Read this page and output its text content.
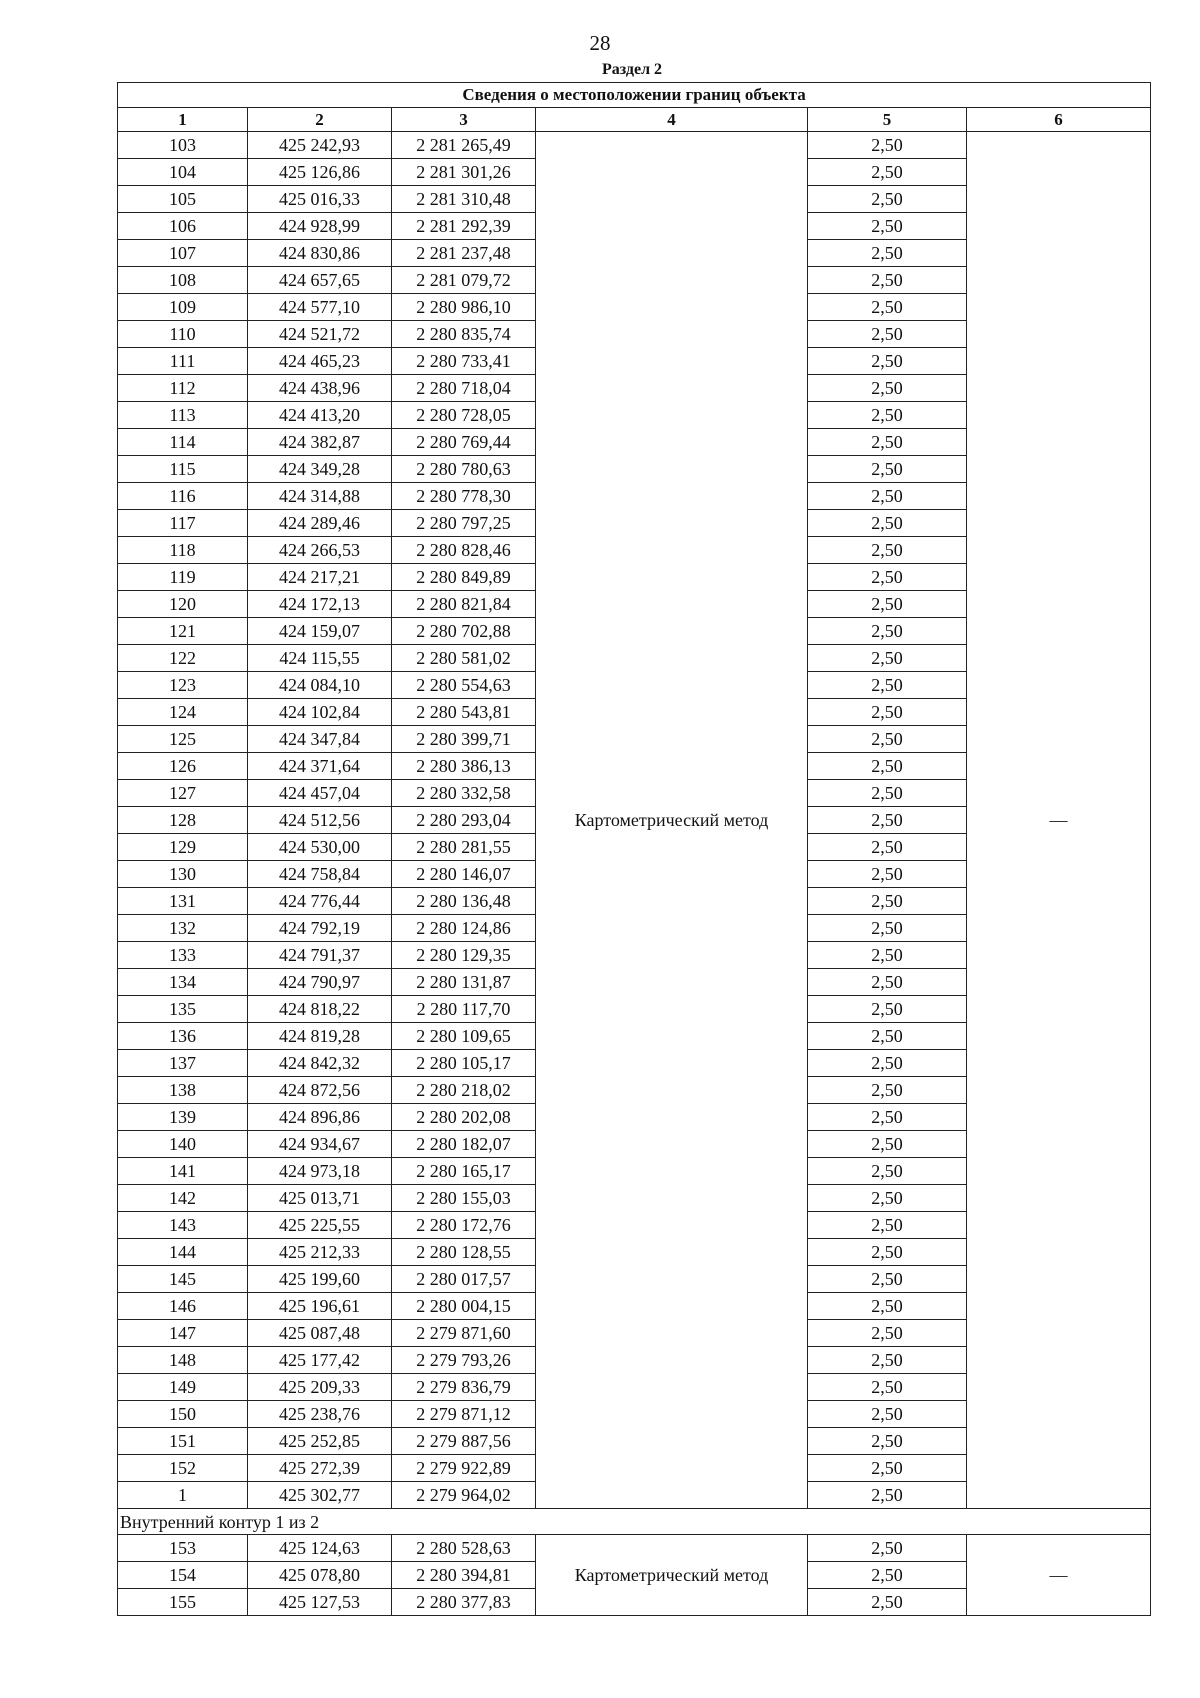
28
Раздел 2
Сведения о местоположении границ объекта					
1	2	3	4	5	6
103	425 242,93	2 281 265,49	Картометрический метод	2,50	—
104	425 126,86	2 281 301,26		2,50	
105	425 016,33	2 281 310,48		2,50	
106	424 928,99	2 281 292,39		2,50	
107	424 830,86	2 281 237,48		2,50	
108	424 657,65	2 281 079,72		2,50	
109	424 577,10	2 280 986,10		2,50	
110	424 521,72	2 280 835,74		2,50	
111	424 465,23	2 280 733,41		2,50	
112	424 438,96	2 280 718,04		2,50	
113	424 413,20	2 280 728,05		2,50	
114	424 382,87	2 280 769,44		2,50	
115	424 349,28	2 280 780,63		2,50	
116	424 314,88	2 280 778,30		2,50	
117	424 289,46	2 280 797,25		2,50	
118	424 266,53	2 280 828,46		2,50	
119	424 217,21	2 280 849,89		2,50	
120	424 172,13	2 280 821,84		2,50	
121	424 159,07	2 280 702,88		2,50	
122	424 115,55	2 280 581,02		2,50	
123	424 084,10	2 280 554,63		2,50	
124	424 102,84	2 280 543,81		2,50	
125	424 347,84	2 280 399,71		2,50	
126	424 371,64	2 280 386,13		2,50	
127	424 457,04	2 280 332,58		2,50	
128	424 512,56	2 280 293,04		2,50	
129	424 530,00	2 280 281,55		2,50	
130	424 758,84	2 280 146,07		2,50	
131	424 776,44	2 280 136,48		2,50	
132	424 792,19	2 280 124,86		2,50	
133	424 791,37	2 280 129,35		2,50	
134	424 790,97	2 280 131,87		2,50	
135	424 818,22	2 280 117,70		2,50	
136	424 819,28	2 280 109,65		2,50	
137	424 842,32	2 280 105,17		2,50	
138	424 872,56	2 280 218,02		2,50	
139	424 896,86	2 280 202,08		2,50	
140	424 934,67	2 280 182,07		2,50	
141	424 973,18	2 280 165,17		2,50	
142	425 013,71	2 280 155,03		2,50	
143	425 225,55	2 280 172,76		2,50	
144	425 212,33	2 280 128,55		2,50	
145	425 199,60	2 280 017,57		2,50	
146	425 196,61	2 280 004,15		2,50	
147	425 087,48	2 279 871,60		2,50	
148	425 177,42	2 279 793,26		2,50	
149	425 209,33	2 279 836,79		2,50	
150	425 238,76	2 279 871,12		2,50	
151	425 252,85	2 279 887,56		2,50	
152	425 272,39	2 279 922,89		2,50	
1	425 302,77	2 279 964,02		2,50	
Внутренний контур 1 из 2					
153	425 124,63	2 280 528,63	Картометрический метод	2,50	—
154	425 078,80	2 280 394,81		2,50	
155	425 127,53	2 280 377,83		2,50	
